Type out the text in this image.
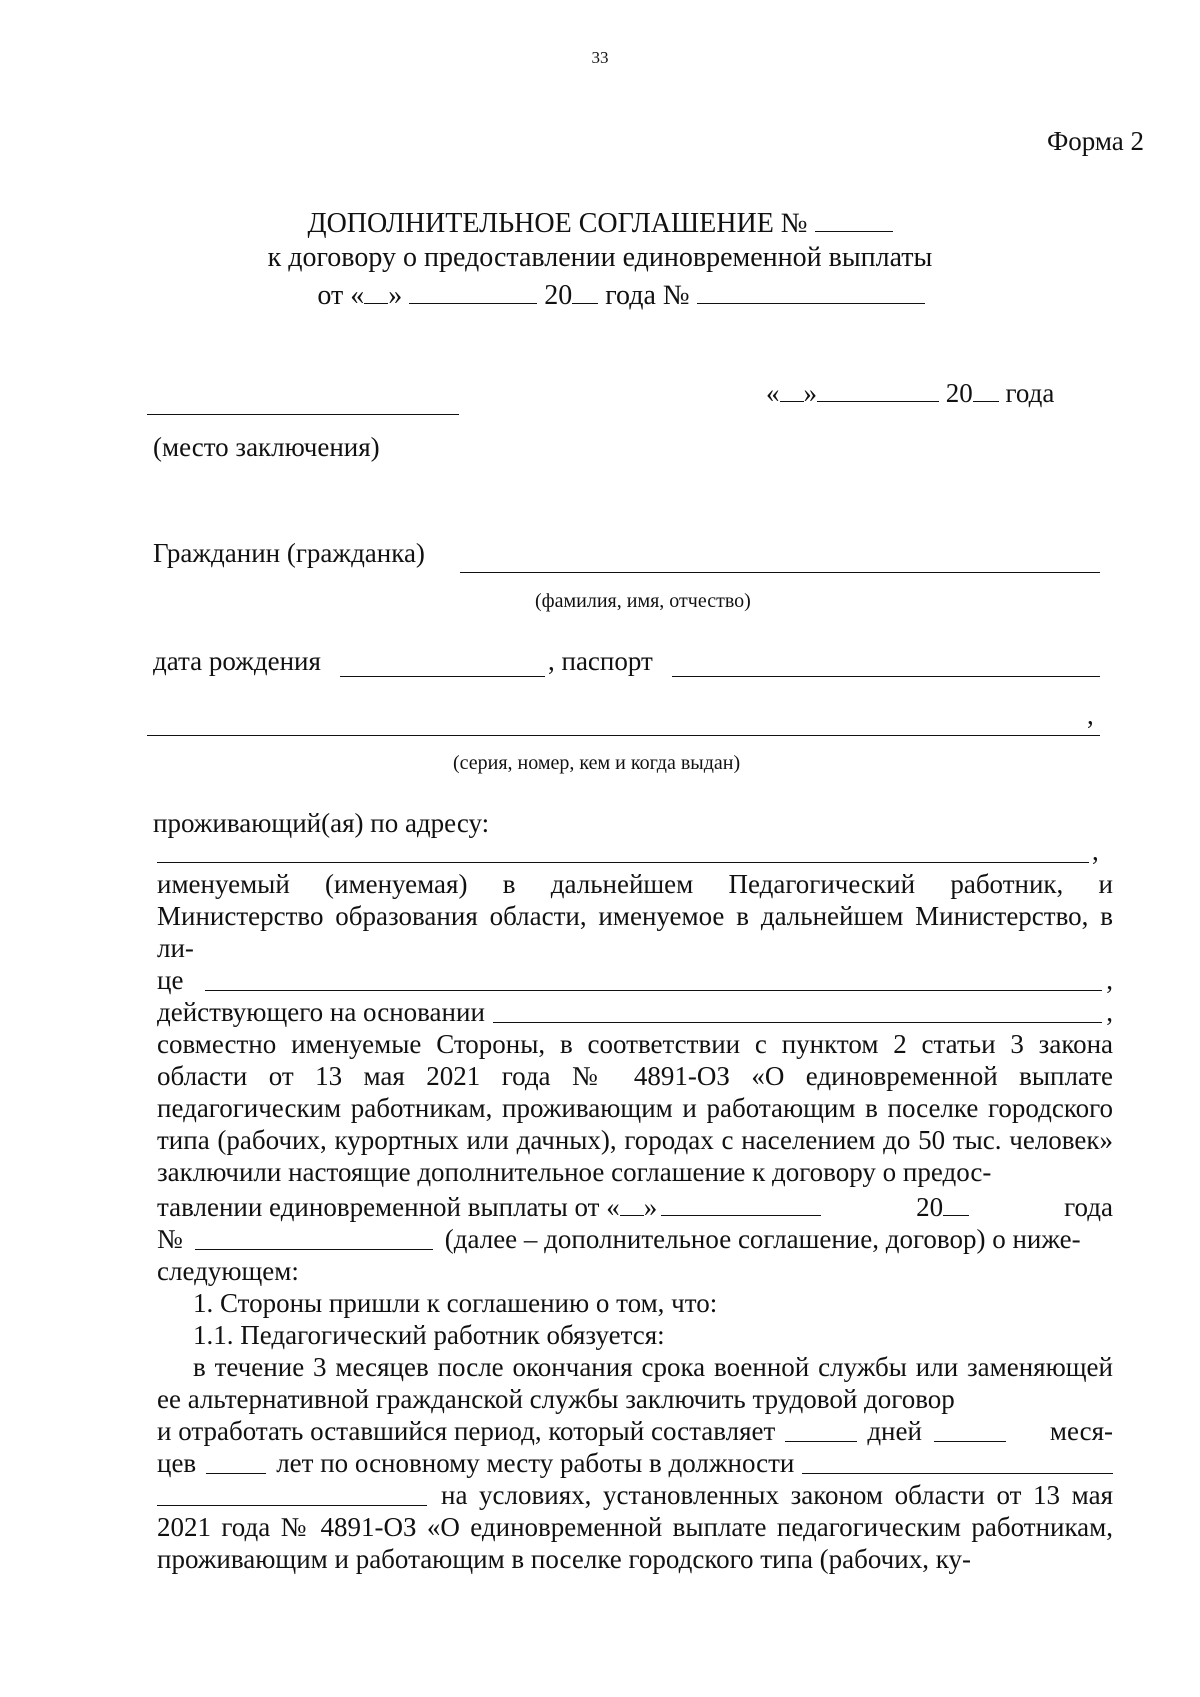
33
Форма 2
ДОПОЛНИТЕЛЬНОЕ СОГЛАШЕНИЕ №
к договору о предоставлении единовременной выплаты
от « »	20 года №
« »	20 года
(место заключения)
Гражданин (гражданка)
(фамилия, имя, отчество)
дата рождения	, паспорт
,
(серия, номер, кем и когда выдан)
проживающий(ая) по адресу:
,

именуемый (именуемая) в дальнейшем Педагогический работник, и Министерство образования области, именуемое в дальнейшем Министерство, в ли-

це	,
действующего на основании	,

совместно именуемые Стороны, в соответствии с пунктом 2 статьи 3 закона области от 13 мая 2021 года № 4891-ОЗ «О единовременной выплате педагогическим работникам, проживающим и работающим в поселке городского типа (рабочих, курортных или дачных), городах с населением до 50 тыс. человек» заключили настоящие дополнительное соглашение к договору о предос-

тавлении единовременной выплаты от « »	20	года
№	(далее – дополнительное соглашение, договор) о ниже-

следующем:

1. Стороны пришли к соглашению о том, что:

1.1. Педагогический работник обязуется:

в течение 3 месяцев после окончания срока военной службы или заменяющей ее альтернативной гражданской службы заключить трудовой договор

и отработать оставшийся период, который составляет	дней	меся-
цев	лет по основному месту работы в должности
на условиях, установленных законом области от 13 мая

2021 года № 4891-ОЗ «О единовременной выплате педагогическим работникам, проживающим и работающим в поселке городского типа (рабочих, ку-
